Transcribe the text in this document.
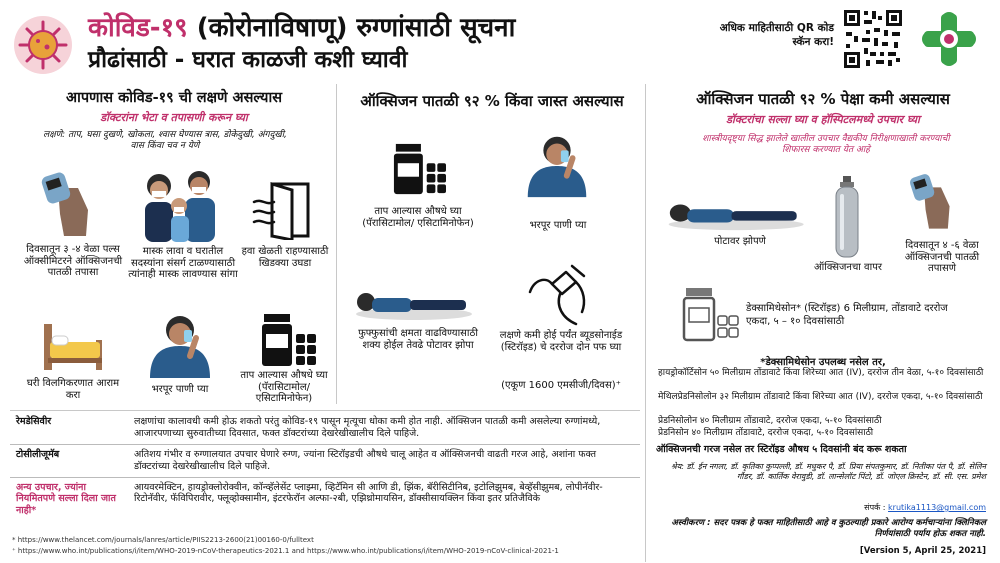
कोविड-१९ (कोरोनाविषाणू) रुग्णांसाठी सूचना
प्रौढांसाठी - घरात काळजी कशी घ्यावी
अधिक माहितीसाठी QR कोड स्कॅन करा!
आपणास कोविड-१९ ची लक्षणे असल्यास
डॉक्टरांना भेटा व तपासणी करून घ्या
लक्षणे: ताप, घसा दुखणे, खोकला, श्वास घेण्यास त्रास, डोकेदुखी, अंगदुखी, वास किंवा चव न येणे
दिवसातून ३ -४ वेळा पल्स ऑक्सीमिटरने ऑक्सिजनची पातळी तपासा
मास्क लावा व घरातील सदस्यांना संसर्ग टाळण्यासाठी त्यांनाही मास्क लावण्यास सांगा
हवा खेळती राहण्यासाठी खिडक्या उघडा
घरी विलगिकरणात आराम करा	भरपूर पाणी प्या
ताप आल्यास औषधे घ्या (पॅरासिटामोल/ एसिटामिनोफेन)
ऑक्सिजन पातळी ९२ % किंवा जास्त असल्यास
ताप आल्यास औषधे घ्या (पॅरासिटामोल/ एसिटामिनोफेन)	भरपूर पाणी प्या
फुफ्फुसांची क्षमता वाढविण्यासाठी शक्य होईल तेवढे पोटावर झोपा
लक्षणे कमी होई पर्यंत ब्यूडसोनाईड (स्टिरॉइड) चे दररोज दोन पफ घ्या
(एकूण 1600 एमसीजी/दिवस)⁺
ऑक्सिजन पातळी ९२ % पेक्षा कमी असल्यास
डॉक्टरांचा सल्ला घ्या व हॉस्पिटलमध्ये उपचार घ्या
शास्त्रीयदृष्ट्या सिद्ध झालेले खालील उपचार वैद्यकीय निरीक्षणाखाली करण्याची शिफारस करण्यात येत आहे
पोटावर झोपणे
ऑक्सिजनचा वापर
दिवसातून ४ -६ वेळा ऑक्सिजनची पातळी तपासणे
डेक्सामिथेसोन* (स्टिरॉइड) 6 मिलीग्राम, तोंडावाटे दररोज एकदा, ५ – १० दिवसांसाठी
*डेक्सामिथेसोन उपलब्ध नसेल तर,
हायड्रोकॉर्टिसोन ५० मिलीग्राम तोंडावाटे किंवा शिरेच्या आत (IV), दररोज तीन वेळा, ५-१० दिवसांसाठी
मेथिलप्रेडनिसोलोन ३२ मिलीग्राम तोंडावाटे किंवा शिरेच्या आत (IV), दररोज एकदा, ५-१० दिवसांसाठी
प्रेडनिसोलोन ४० मिलीग्राम तोंडावाटे, दररोज एकदा, ५-१० दिवसांसाठी
प्रेडनिसोन ४० मिलीग्राम तोंडावाटे, दररोज एकदा, ५-१० दिवसांसाठी
ऑक्सिजनची गरज नसेल तर स्टिरॉइड औषध ५ दिवसांनी बंद करू शकता
श्रेय: डॉ. ईन नगला, डॉ. कृतिका कुप्पल्ली, डॉ. मधुकर पै, डॉ. प्रिया संपतकुमार, डॉ. नितीका पंत पै, डॉ. सेलिन गौंडर, डॉ. कार्तिक वेरावुडी, डॉ. लान्सेलॉट पिंटो, डॉ. जोएल क्रिस्टेन, डॉ. सी. एस. प्रमेश
संपर्क : krutika1113@gmail.com
अस्वीकरण : सदर पत्रक हे फक्त माहितीसाठी आहे व कुठल्याही प्रकारे आरोग्य कर्मचाऱ्यांना क्लिनिकल निर्णयांसाठी पर्याय होऊ शकत नाही.
[Version 5, April 25, 2021]
रेमडेसिवीर	लक्षणांचा कालावधी कमी होऊ शकतो परंतु कोविड-१९ पासून मृत्यूचा धोका कमी होत नाही. ऑक्सिजन पातळी कमी असलेल्या रुग्णांमध्ये, आजारपणाच्या सुरुवातीच्या दिवसात, फक्त डॉक्टरांच्या देखरेखीखालीच दिले पाहिजे.
टोसीलीजूमॅब	अतिशय गंभीर व रुग्णालयात उपचार घेणारे रुग्ण, ज्यांना स्टिरॉइडची औषधे चालू आहेत व ऑक्सिजनची वाढती गरज आहे, अशांना फक्त डॉक्टरांच्या देखरेखीखालीच दिले पाहिजे.
अन्य उपचार, ज्यांना नियमितपणे सल्ला दिला जात नाही*	आयवरमेक्टिन, हायड्रोक्लोरोक्वीन, कॉन्व्हॅलेसेंट प्लाझ्मा, व्हिटॅमिन सी आणि डी, झिंक, बॅरीसिटीनिब, इटोलिझुमब, बेव्हॅसीझुमब, लोपीनॅवीर-रिटोनॅवीर, फॅविपिरावीर, फ्लूव्होक्सामीन, इंटरफेरॉन अल्फा-२बी, एझिथ्रोमायसिन, डॉक्सीसायक्लिन किंवा इतर प्रतिजैविके
* https://www.thelancet.com/journals/lanres/article/PIIS2213-2600(21)00160-0/fulltext
⁺ https://www.who.int/publications/i/item/WHO-2019-nCoV-therapeutics-2021.1 and https://www.who.int/publications/i/item/WHO-2019-nCoV-clinical-2021-1
